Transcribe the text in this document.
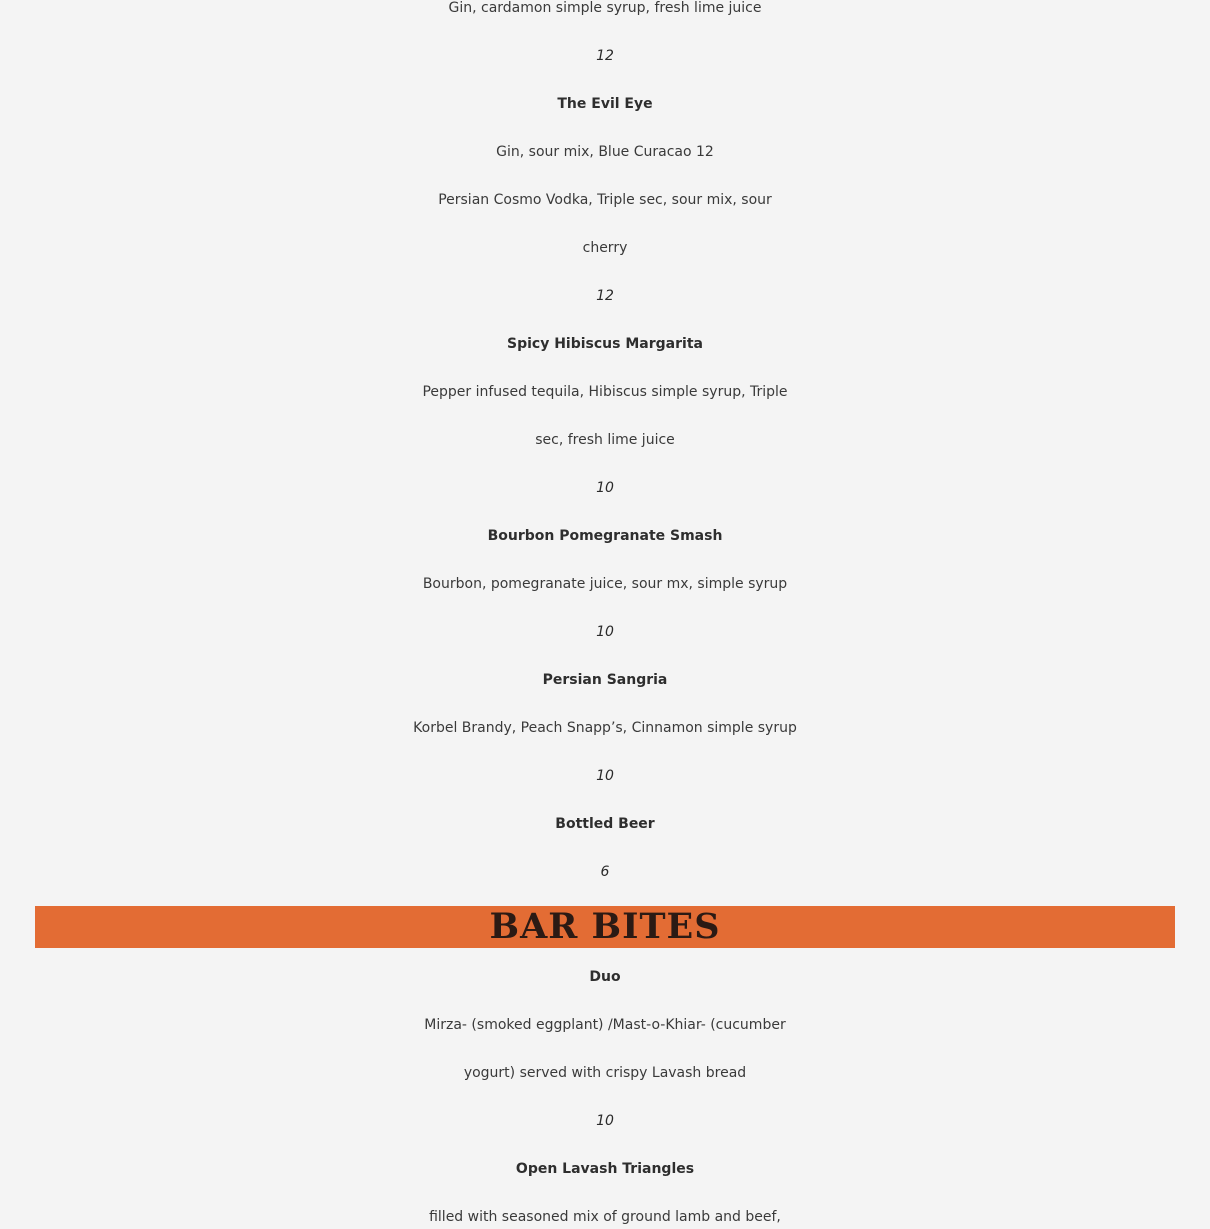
Gin, cardamon simple syrup, fresh lime juice
12
The Evil Eye
Gin, sour mix, Blue Curacao 12
Persian Cosmo Vodka, Triple sec, sour mix, sour
cherry
12
Spicy Hibiscus Margarita
Pepper infused tequila, Hibiscus simple syrup, Triple
sec, fresh lime juice
10
Bourbon Pomegranate Smash
Bourbon, pomegranate juice, sour mx, simple syrup
10
Persian Sangria
Korbel Brandy, Peach Snapp’s, Cinnamon simple syrup
10
Bottled Beer
6
BAR BITES
Duo
Mirza- (smoked eggplant) /Mast-o-Khiar- (cucumber
yogurt) served with crispy Lavash bread
10
Open Lavash Triangles
filled with seasoned mix of ground lamb and beef,
